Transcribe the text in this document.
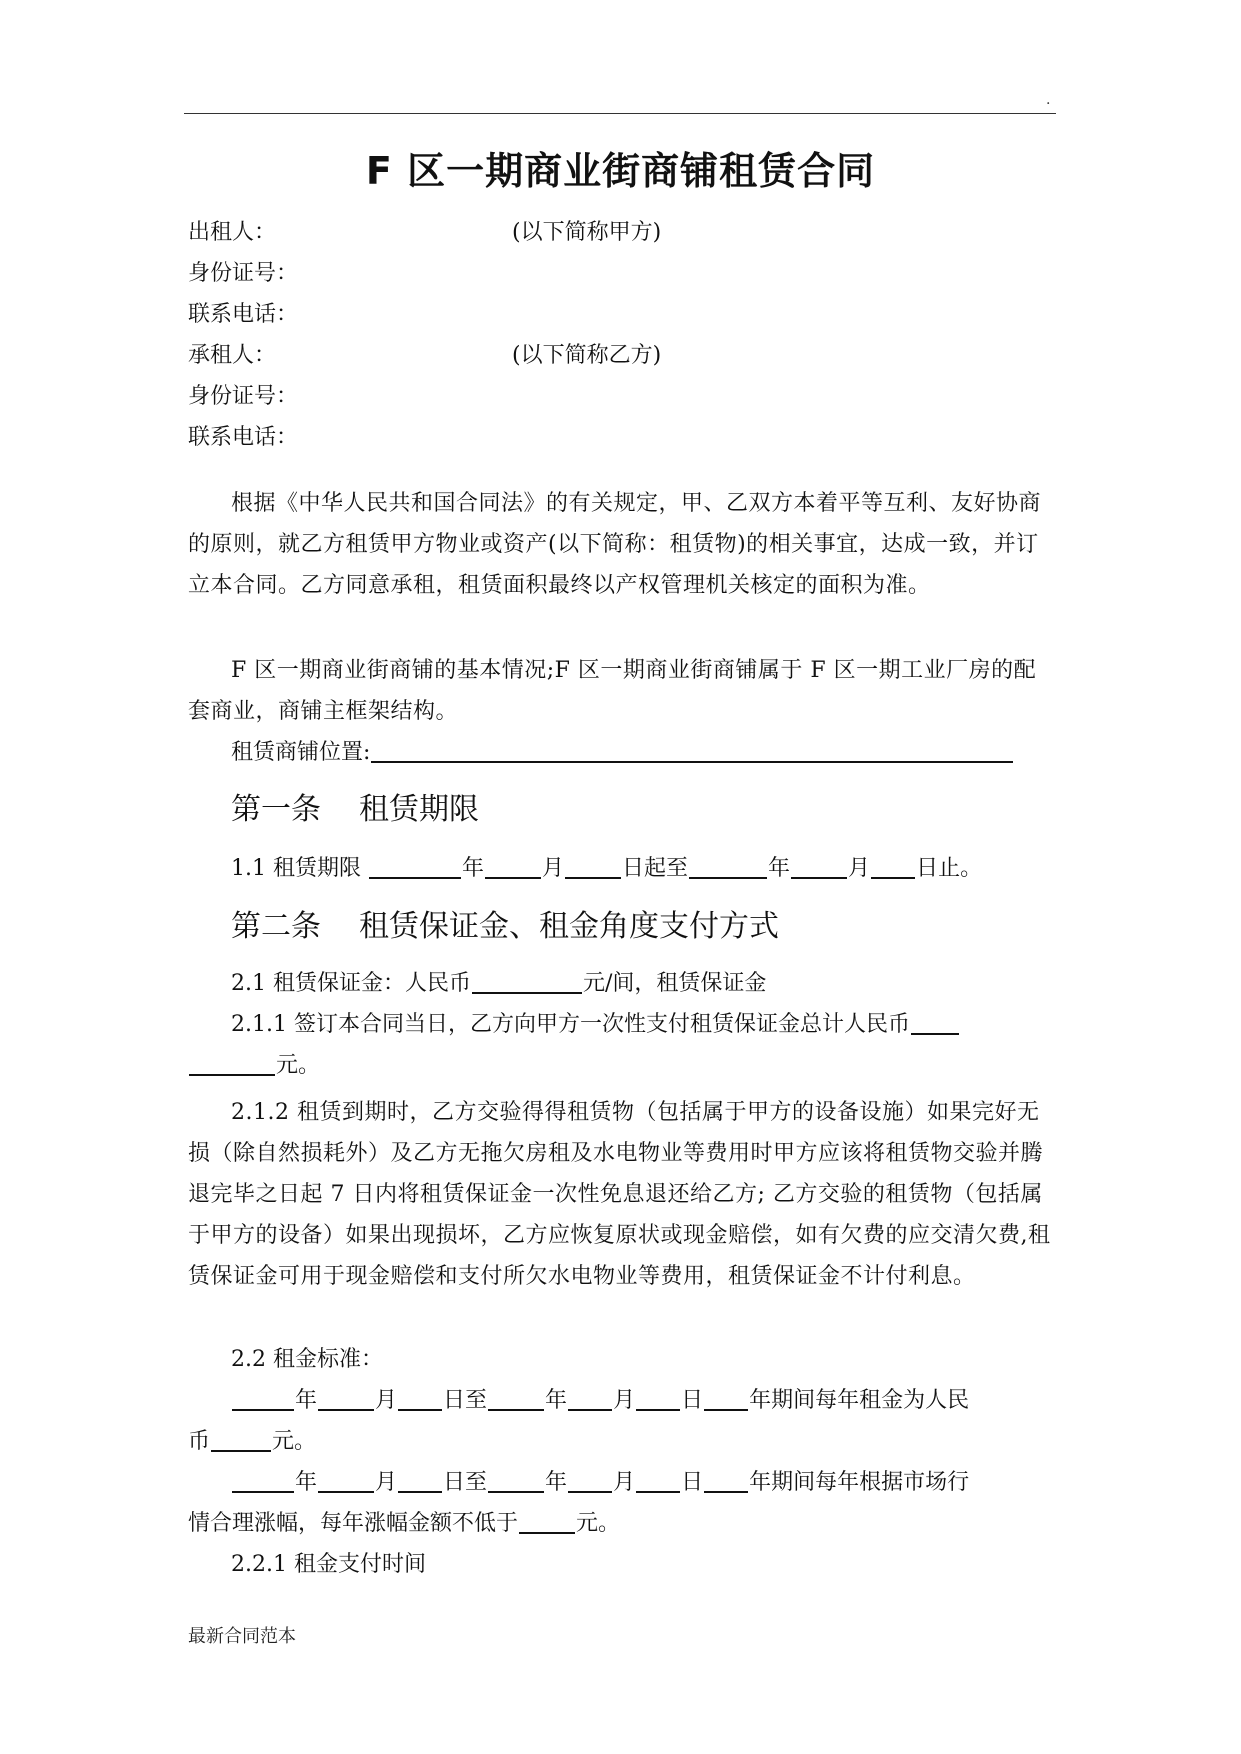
.
F 区一期商业街商铺租赁合同
出租人：	(以下简称甲方)
身份证号：
联系电话：
承租人：	(以下简称乙方)
身份证号：
联系电话：
根据《中华人民共和国合同法》的有关规定，甲、乙双方本着平等互利、友好协商的原则，就乙方租赁甲方物业或资产(以下简称：租赁物)的相关事宜，达成一致，并订立本合同。乙方同意承租，租赁面积最终以产权管理机关核定的面积为准。
F 区一期商业街商铺的基本情况;F 区一期商业街商铺属于 F 区一期工业厂房的配套商业，商铺主框架结构。
租赁商铺位置:
第一条 租赁期限
1.1 租赁期限	年	月	日起至	年	月 日止。
第二条 租赁保证金、租金角度支付方式
2.1 租赁保证金：人民币	元/间，租赁保证金
2.1.1 签订本合同当日，乙方向甲方一次性支付租赁保证金总计人民币
元。
2.1.2 租赁到期时，乙方交验得得租赁物（包括属于甲方的设备设施）如果完好无损（除自然损耗外）及乙方无拖欠房租及水电物业等费用时甲方应该将租赁物交验并腾退完毕之日起 7 日内将租赁保证金一次性免息退还给乙方; 乙方交验的租赁物（包括属于甲方的设备）如果出现损坏，乙方应恢复原状或现金赔偿，如有欠费的应交清欠费,租赁保证金可用于现金赔偿和支付所欠水电物业等费用，租赁保证金不计付利息。
2.2 租金标准：
年	月 日至	年 月 日 年期间每年租金为人民
币	元。
年	月 日至	年 月 日 年期间每年根据市场行
情合理涨幅，每年涨幅金额不低于	元。
2.2.1 租金支付时间
最新合同范本
